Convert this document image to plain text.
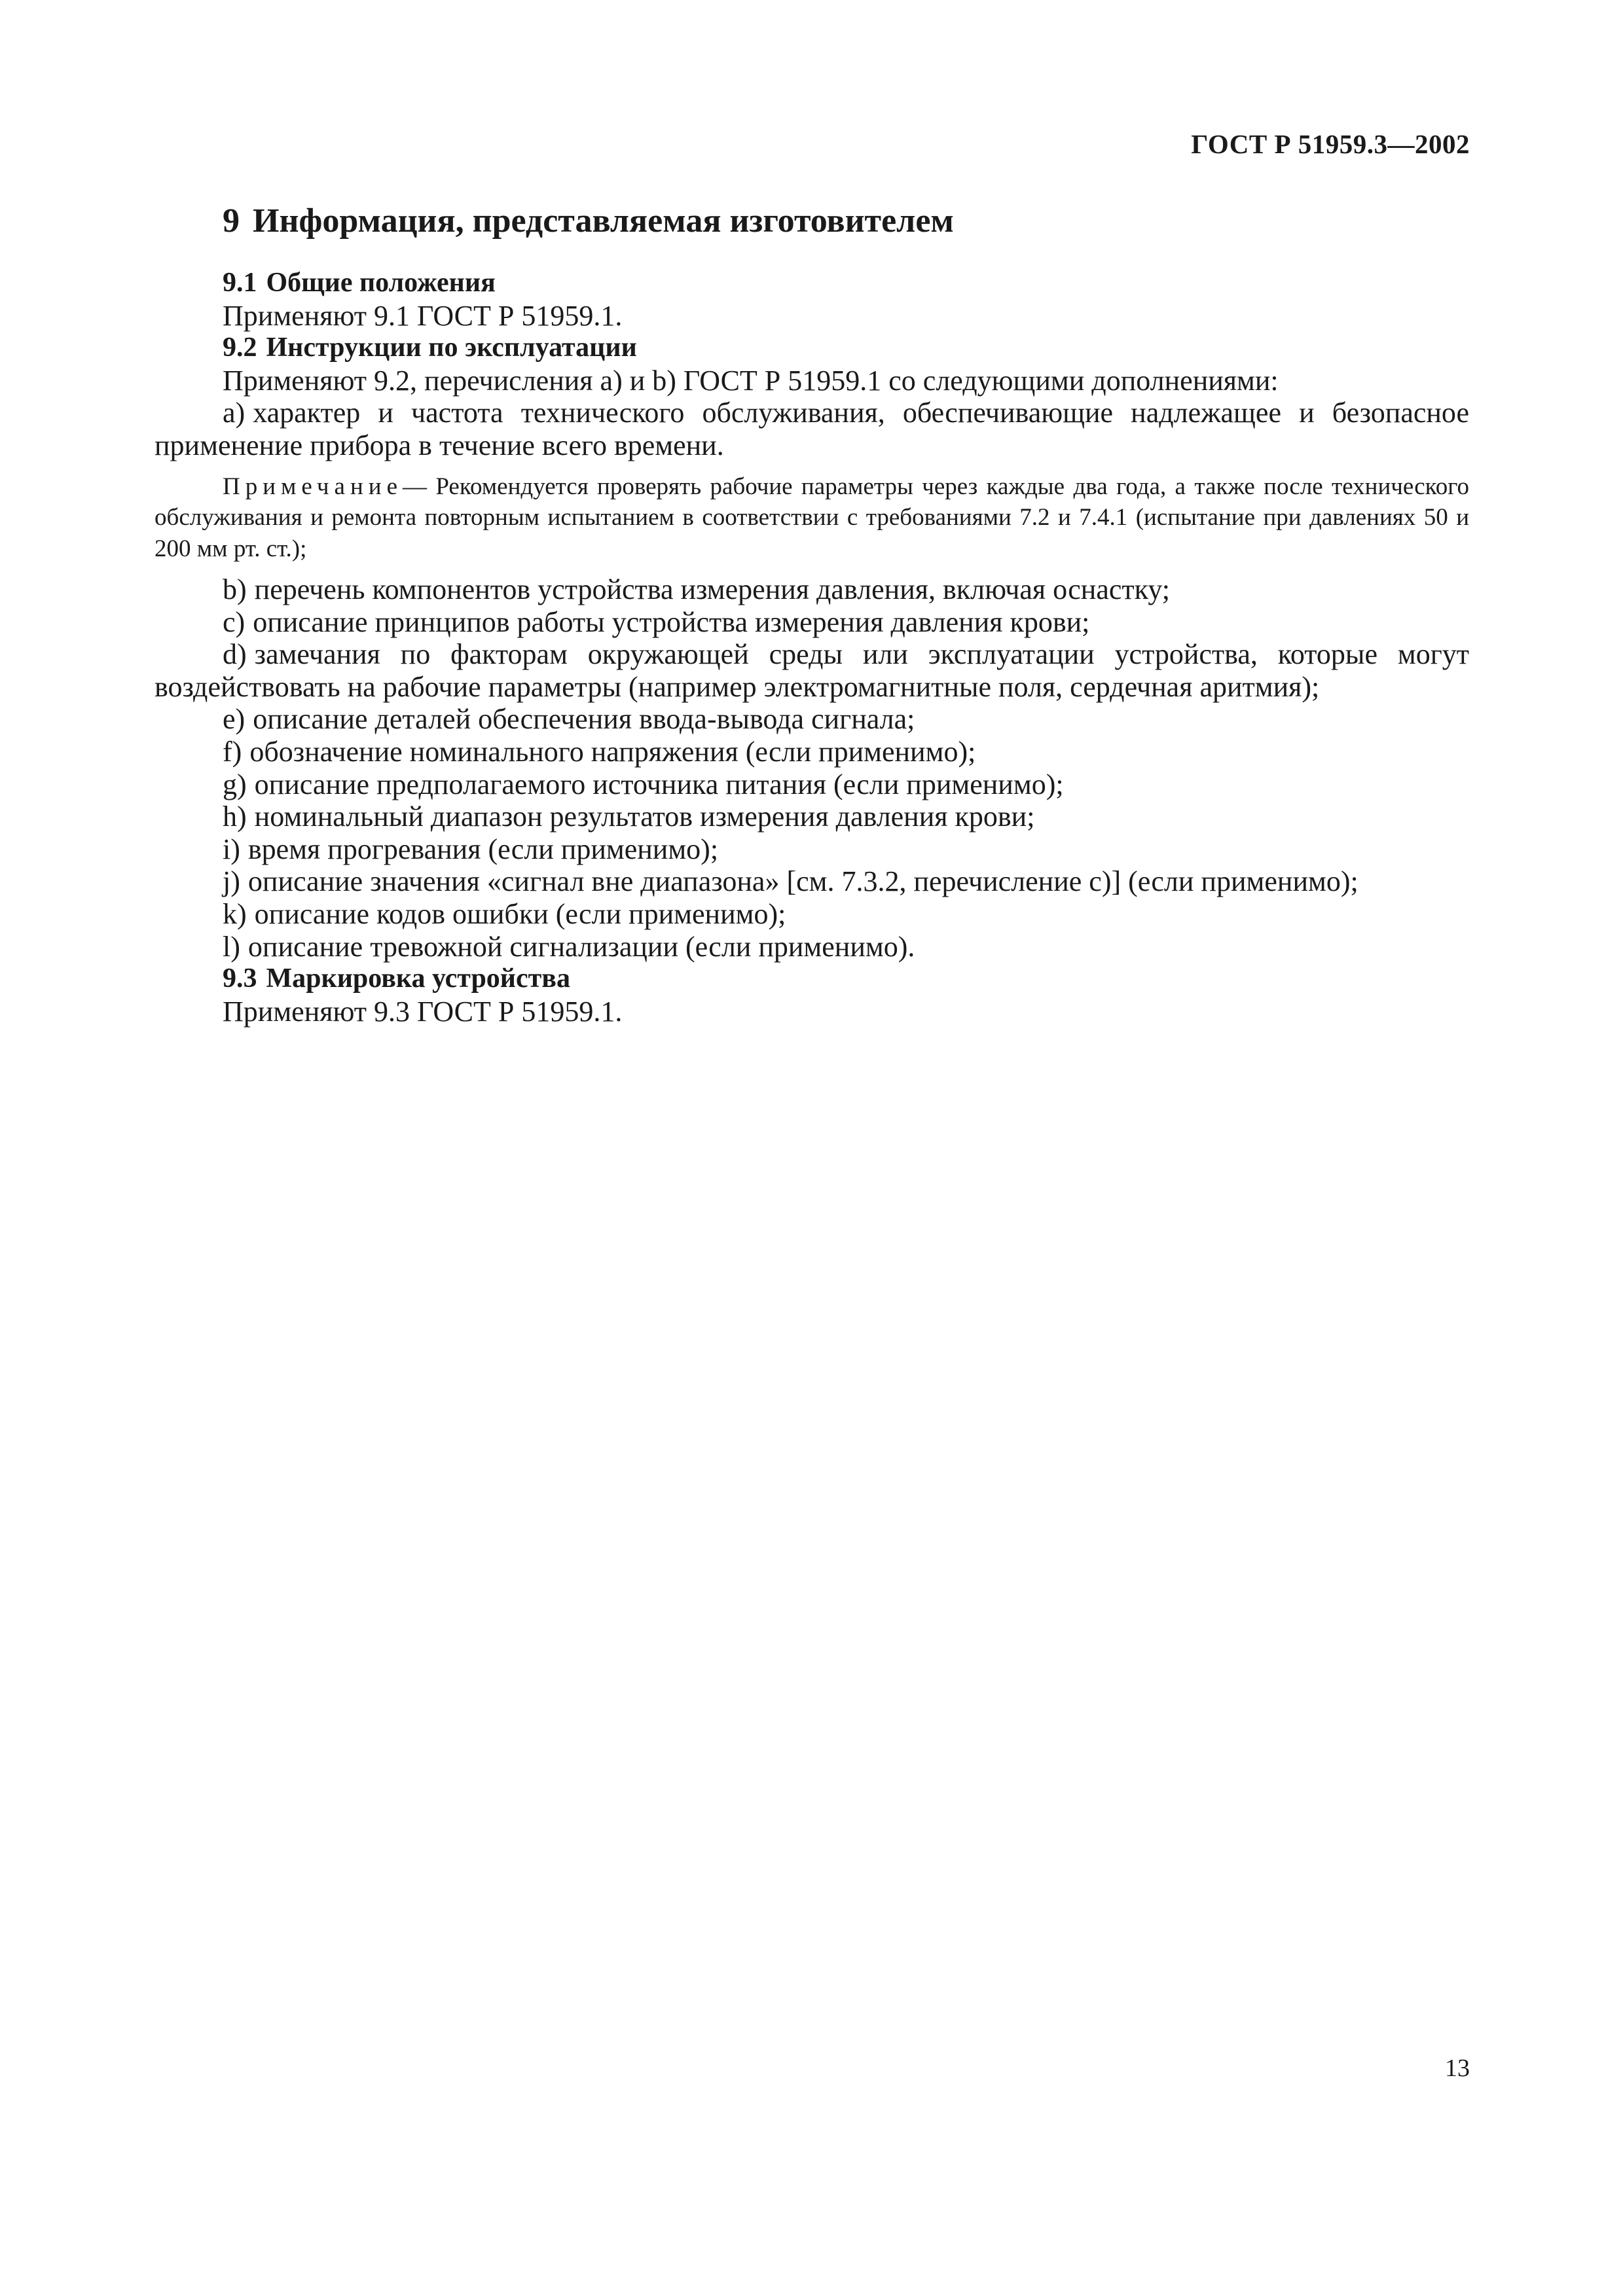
ГОСТ Р 51959.3—2002
9 Информация, представляемая изготовителем

9.1 Общие положения

Применяют 9.1 ГОСТ Р 51959.1.

9.2 Инструкции по эксплуатации

Применяют 9.2, перечисления a) и b) ГОСТ Р 51959.1 со следующими дополнениями:

a) характер и частота технического обслуживания, обеспечивающие надлежащее и безопасное применение прибора в течение всего времени.

Примечание— Рекомендуется проверять рабочие параметры через каждые два года, а также после технического обслуживания и ремонта повторным испытанием в соответствии с требованиями 7.2 и 7.4.1 (испытание при давлениях 50 и 200 мм рт. ст.);

b) перечень компонентов устройства измерения давления, включая оснастку;

c) описание принципов работы устройства измерения давления крови;

d) замечания по факторам окружающей среды или эксплуатации устройства, которые могут воздействовать на рабочие параметры (например электромагнитные поля, сердечная аритмия);

e) описание деталей обеспечения ввода-вывода сигнала;

f) обозначение номинального напряжения (если применимо);

g) описание предполагаемого источника питания (если применимо);

h) номинальный диапазон результатов измерения давления крови;

i) время прогревания (если применимо);

j) описание значения «сигнал вне диапазона» [см. 7.3.2, перечисление c)] (если применимо);

k) описание кодов ошибки (если применимо);

l) описание тревожной сигнализации (если применимо).

9.3 Маркировка устройства

Применяют 9.3 ГОСТ Р 51959.1.

13
